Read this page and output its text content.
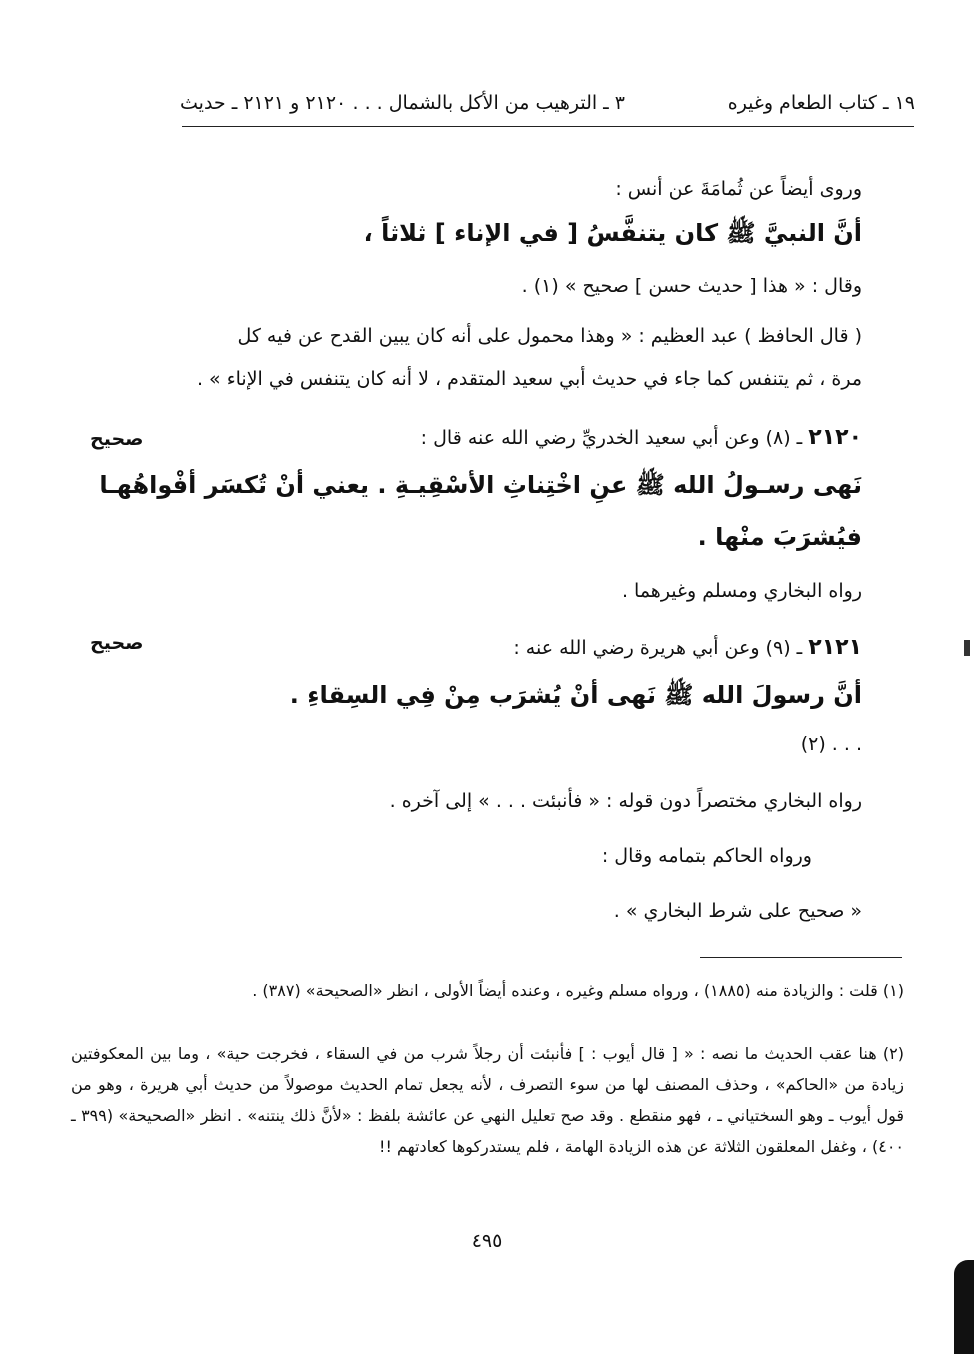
١٩ ـ كتاب الطعام وغيره
٣ ـ الترهيب من الأكل بالشمال . . .
٢١٢٠ و ٢١٢١ ـ حديث
وروى أيضاً عن ثُمامَةَ عن أنس :
أنَّ النبيَّ ﷺ كان يتنفَّسُ [ في الإناء ] ثلاثاً ،
وقال : « هذا [ حديث حسن ] صحيح » (١) .
( قال الحافظ ) عبد العظيم : « وهذا محمول على أنه كان يبين القدح عن فيه كل
مرة ، ثم يتنفس كما جاء في حديث أبي سعيد المتقدم ، لا أنه كان يتنفس في الإناء » .
صحيح	٢١٢٠ ـ (٨) وعن أبي سعيد الخدريِّ رضي الله عنه قال :
نَهى رسـولُ الله ﷺ عنِ اخْتِناثِ الأسْقِيـةِ . يعني أنْ تُكسَر أفْواهُهـا
فيُشرَبَ منْها .
رواه البخاري ومسلم وغيرهما .
صحيح	٢١٢١ ـ (٩) وعن أبي هريرة رضي الله عنه :
أنَّ رسولَ الله ﷺ نَهى أنْ يُشرَب مِنْ فِي السِقاءِ .
. . . (٢)
رواه البخاري مختصراً دون قوله : « فأنبئت . . . » إلى آخره .
ورواه الحاكم بتمامه وقال :
« صحيح على شرط البخاري » .
(١) قلت : والزيادة منه (١٨٨٥) ، ورواه مسلم وغيره ، وعنده أيضاً الأولى ، انظر «الصحيحة» (٣٨٧) .
(٢) هنا عقب الحديث ما نصه : « [ قال أيوب : ] فأنبئت أن رجلاً شرب من في السقاء ، فخرجت حية» ، وما بين المعكوفتين زيادة من «الحاكم» ، وحذف المصنف لها من سوء التصرف ، لأنه يجعل تمام الحديث موصولاً من حديث أبي هريرة ، وهو من قول أيوب ـ وهو السختياني ـ ، فهو منقطع . وقد صح تعليل النهي عن عائشة بلفظ : «لأنَّ ذلك ينتنه» . انظر «الصحيحة» (٣٩٩ ـ ٤٠٠) ، وغفل المعلقون الثلاثة عن هذه الزيادة الهامة ، فلم يستدركوها كعادتهم !!
٤٩٥
